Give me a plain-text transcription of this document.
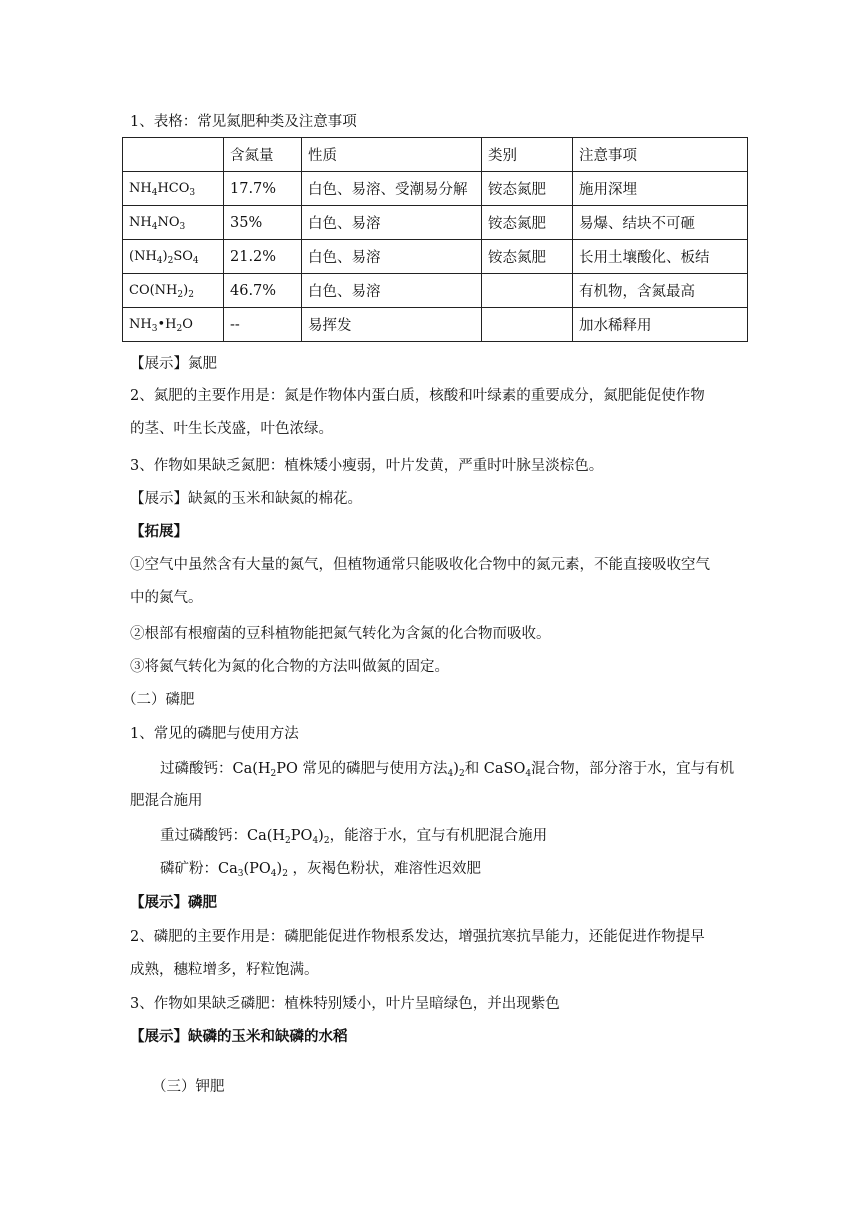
1、表格：常见氮肥种类及注意事项
	含氮量	性质	类别	注意事项
$NH_4HCO_3$	17.7%	白色、易溶、受潮易分解	铵态氮肥	施用深埋
$NH_4NO_3$	35%	白色、易溶	铵态氮肥	易爆、结块不可砸
$(NH_4)_2SO_4$	21.2%	白色、易溶	铵态氮肥	长用土壤酸化、板结
$CO(NH_2)_2$	46.7%	白色、易溶		有机物，含氮最高
$NH_3•H_2O$	--	易挥发		加水稀释用
【展示】氮肥
2、氮肥的主要作用是：氮是作物体内蛋白质，核酸和叶绿素的重要成分，氮肥能促使作物
的茎、叶生长茂盛，叶色浓绿。
3、作物如果缺乏氮肥：植株矮小瘦弱，叶片发黄，严重时叶脉呈淡棕色。
【展示】缺氮的玉米和缺氮的棉花。
【拓展】
①空气中虽然含有大量的氮气，但植物通常只能吸收化合物中的氮元素，不能直接吸收空气
中的氮气。
②根部有根瘤菌的豆科植物能把氮气转化为含氮的化合物而吸收。
③将氮气转化为氮的化合物的方法叫做氮的固定。
（二）磷肥
1、常见的磷肥与使用方法
过磷酸钙：$Ca(H_2PO$ 常见的磷肥与使用方法$_4)_2$和 CaSO$_4$混合物，部分溶于水，宜与有机
肥混合施用
重过磷酸钙：$Ca(H_2PO_4)_2$，能溶于水，宜与有机肥混合施用
磷矿粉：$Ca_3(PO_4)_2$ ，灰褐色粉状，难溶性迟效肥
【展示】磷肥
2、磷肥的主要作用是：磷肥能促进作物根系发达，增强抗寒抗旱能力，还能促进作物提早
成熟，穗粒增多，籽粒饱满。
3、作物如果缺乏磷肥：植株特别矮小，叶片呈暗绿色，并出现紫色
【展示】缺磷的玉米和缺磷的水稻
（三）钾肥
